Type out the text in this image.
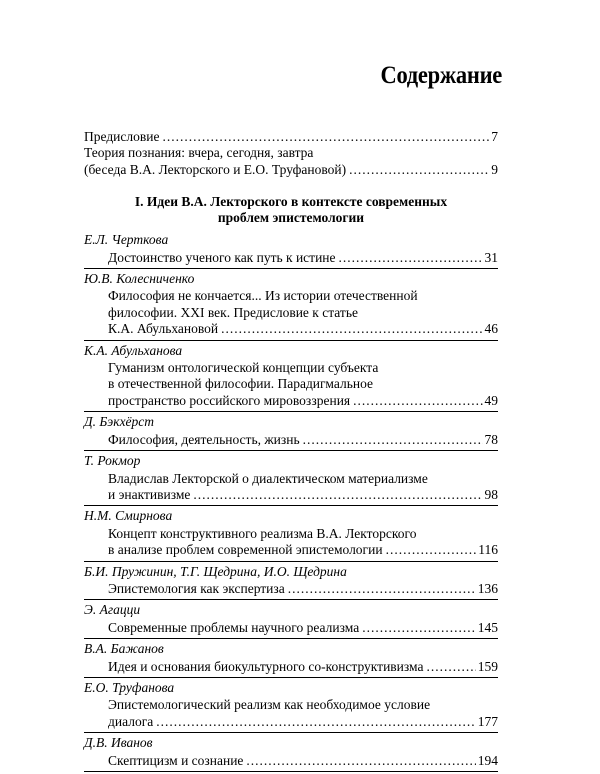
Содержание
Предисловие .....	7
Теория познания: вчера, сегодня, завтра
(беседа В.А. Лекторского и Е.О. Труфановой) .....	9
I. Идеи В.А. Лекторского в контексте современных
проблем эпистемологии
Е.Л. Черткова
Достоинство ученого как путь к истине .....	31
Ю.В. Колесниченко
Философия не кончается... Из истории отечественной
философии. XXI век. Предисловие к статье
К.А. Абульхановой .....	46
К.А. Абульханова
Гуманизм онтологической концепции субъекта
в отечественной философии. Парадигмальное
пространство российского мировоззрения .....	49
Д. Бэкхёрст
Философия, деятельность, жизнь .....	78
Т. Рокмор
Владислав Лекторской о диалектическом материализме
и энактивизме .....	98
Н.М. Смирнова
Концепт конструктивного реализма В.А. Лекторского
в анализе проблем современной эпистемологии .....	116
Б.И. Пружинин, Т.Г. Щедрина, И.О. Щедрина
Эпистемология как экспертиза .....	136
Э. Агацци
Современные проблемы научного реализма .....	145
В.А. Бажанов
Идея и основания биокультурного со-конструктивизма .....	159
Е.О. Труфанова
Эпистемологический реализм как необходимое условие
диалога .....	177
Д.В. Иванов
Скептицизм и сознание .....	194
